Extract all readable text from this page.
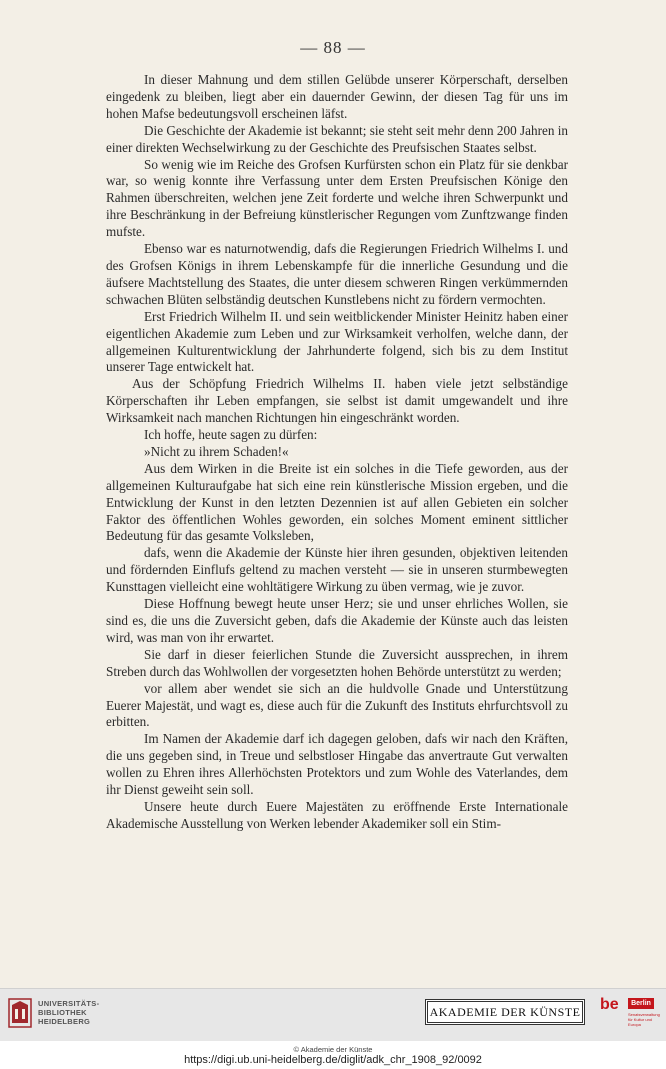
— 88 —

In dieser Mahnung und dem stillen Gelübde unserer Körperschaft, derselben eingedenk zu bleiben, liegt aber ein dauernder Gewinn, der diesen Tag für uns im hohen Mafse bedeutungsvoll erscheinen läfst.

Die Geschichte der Akademie ist bekannt; sie steht seit mehr denn 200 Jahren in einer direkten Wechselwirkung zu der Geschichte des Preufsischen Staates selbst.

So wenig wie im Reiche des Grofsen Kurfürsten schon ein Platz für sie denkbar war, so wenig konnte ihre Verfassung unter dem Ersten Preufsischen Könige den Rahmen überschreiten, welchen jene Zeit forderte und welche ihren Schwerpunkt und ihre Beschränkung in der Befreiung künstlerischer Regungen vom Zunftzwange finden mufste.

Ebenso war es naturnotwendig, dafs die Regierungen Friedrich Wilhelms I. und des Grofsen Königs in ihrem Lebenskampfe für die innerliche Gesundung und die äufsere Machtstellung des Staates, die unter diesem schweren Ringen verkümmernden schwachen Blüten selbständig deutschen Kunstlebens nicht zu fördern vermochten.

Erst Friedrich Wilhelm II. und sein weitblickender Minister Heinitz haben einer eigentlichen Akademie zum Leben und zur Wirksamkeit verholfen, welche dann, der allgemeinen Kulturentwicklung der Jahrhunderte folgend, sich bis zu dem Institut unserer Tage entwickelt hat.

Aus der Schöpfung Friedrich Wilhelms II. haben viele jetzt selbständige Körperschaften ihr Leben empfangen, sie selbst ist damit umgewandelt und ihre Wirksamkeit nach manchen Richtungen hin eingeschränkt worden.

Ich hoffe, heute sagen zu dürfen:

»Nicht zu ihrem Schaden!«

Aus dem Wirken in die Breite ist ein solches in die Tiefe geworden, aus der allgemeinen Kulturaufgabe hat sich eine rein künstlerische Mission ergeben, und die Entwicklung der Kunst in den letzten Dezennien ist auf allen Gebieten ein solcher Faktor des öffentlichen Wohles geworden, ein solches Moment eminent sittlicher Bedeutung für das gesamte Volksleben,

dafs, wenn die Akademie der Künste hier ihren gesunden, objektiven leitenden und fördernden Einflufs geltend zu machen versteht — sie in unseren sturmbewegten Kunsttagen vielleicht eine wohltätigere Wirkung zu üben vermag, wie je zuvor.

Diese Hoffnung bewegt heute unser Herz; sie und unser ehrliches Wollen, sie sind es, die uns die Zuversicht geben, dafs die Akademie der Künste auch das leisten wird, was man von ihr erwartet.

Sie darf in dieser feierlichen Stunde die Zuversicht aussprechen, in ihrem Streben durch das Wohlwollen der vorgesetzten hohen Behörde unterstützt zu werden;

vor allem aber wendet sie sich an die huldvolle Gnade und Unterstützung Euerer Majestät, und wagt es, diese auch für die Zukunft des Instituts ehrfurchtsvoll zu erbitten.

Im Namen der Akademie darf ich dagegen geloben, dafs wir nach den Kräften, die uns gegeben sind, in Treue und selbstloser Hingabe das anvertraute Gut verwalten wollen zu Ehren ihres Allerhöchsten Protektors und zum Wohle des Vaterlandes, dem ihr Dienst geweiht sein soll.

Unsere heute durch Euere Majestäten zu eröffnende Erste Internationale Akademische Ausstellung von Werken lebender Akademiker soll ein Stim-

UNIVERSITÄTS-
BIBLIOTHEK
HEIDELBERG
AKADEMIE DER KÜNSTE be	Berlin
Senatsverwaltung für Kultur und Europa
© Akademie der Künste
https://digi.ub.uni-heidelberg.de/diglit/adk_chr_1908_92/0092
